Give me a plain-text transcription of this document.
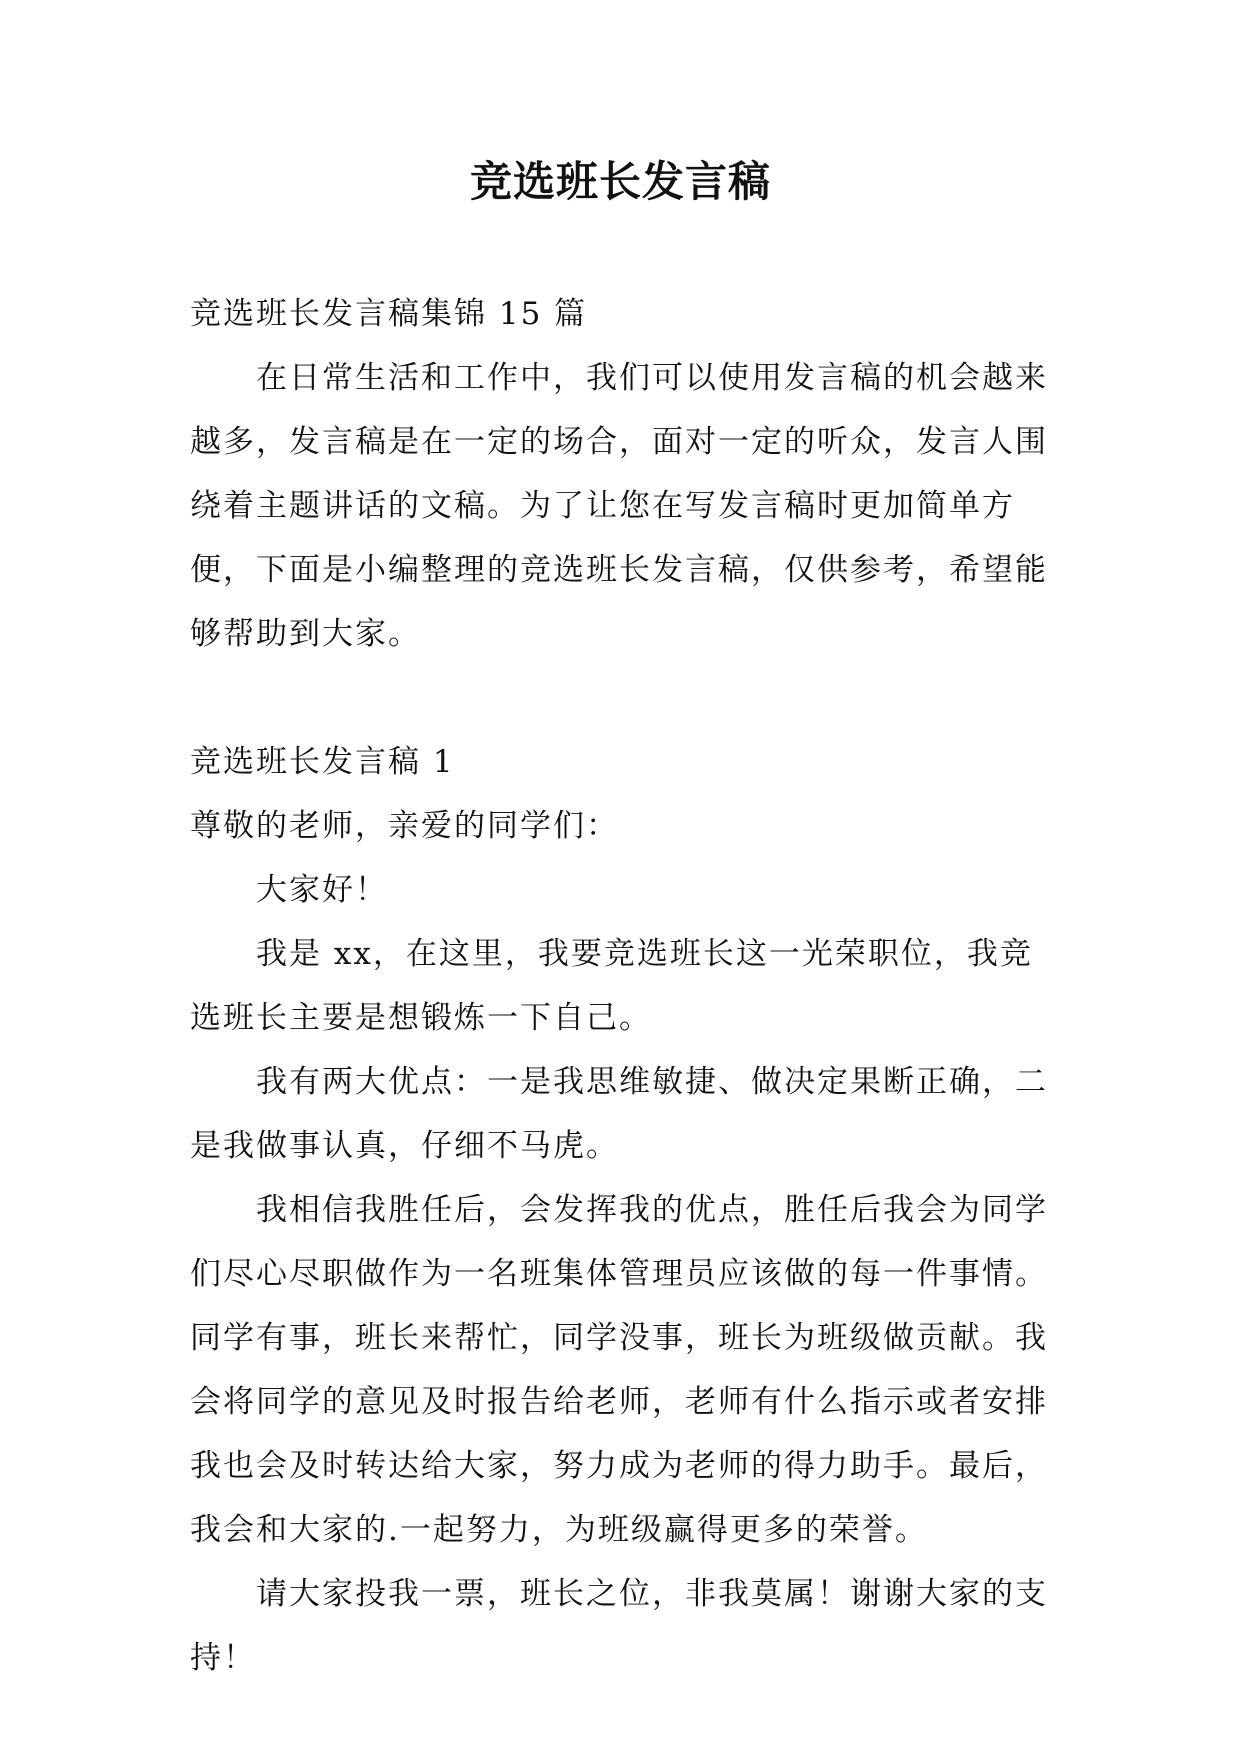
竞选班长发言稿

竞选班长发言稿集锦 15 篇

在日常生活和工作中，我们可以使用发言稿的机会越来越多，发言稿是在一定的场合，面对一定的听众，发言人围绕着主题讲话的文稿。为了让您在写发言稿时更加简单方便，下面是小编整理的竞选班长发言稿，仅供参考，希望能够帮助到大家。

竞选班长发言稿 1

尊敬的老师，亲爱的同学们：

大家好！

我是 xx，在这里，我要竞选班长这一光荣职位，我竞选班长主要是想锻炼一下自己。

我有两大优点：一是我思维敏捷、做决定果断正确，二是我做事认真，仔细不马虎。

我相信我胜任后，会发挥我的优点，胜任后我会为同学们尽心尽职做作为一名班集体管理员应该做的每一件事情。同学有事，班长来帮忙，同学没事，班长为班级做贡献。我会将同学的意见及时报告给老师，老师有什么指示或者安排我也会及时转达给大家，努力成为老师的得力助手。最后，我会和大家的.一起努力，为班级赢得更多的荣誉。

请大家投我一票，班长之位，非我莫属！谢谢大家的支持！
